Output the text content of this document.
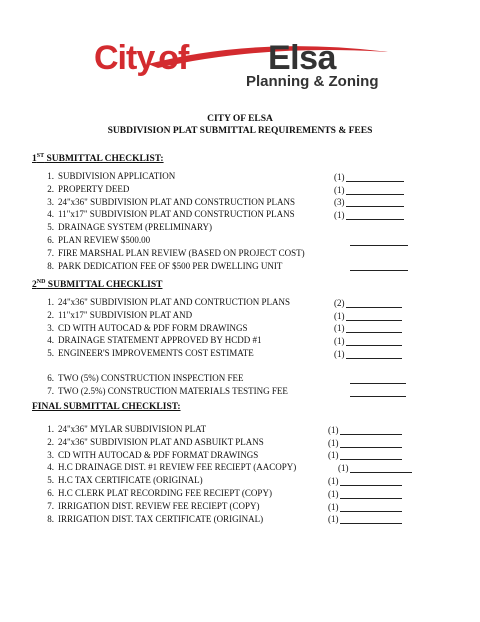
City of Elsa
Planning & Zoning
CITY OF ELSA
SUBDIVISION PLAT SUBMITTAL REQUIREMENTS & FEES
1ST SUBMITTAL CHECKLIST:
1. SUBDIVISION APPLICATION	(1)
2. PROPERTY DEED	(1)
3. 24"x36" SUBDIVISION PLAT AND CONSTRUCTION PLANS	(3)
4. 11"x17" SUBDIVISION PLAT AND CONSTRUCTION PLANS	(1)
5. DRAINAGE SYSTEM (PRELIMINARY)
6. PLAN REVIEW $500.00
7. FIRE MARSHAL PLAN REVIEW (BASED ON PROJECT COST)
8. PARK DEDICATION FEE OF $500 PER DWELLING UNIT
2ND SUBMITTAL CHECKLIST
1. 24"x36" SUBDIVISION PLAT AND CONTRUCTION PLANS	(2)
2. 11"x17" SUBDIVISION PLAT AND	(1)
3. CD WITH AUTOCAD & PDF FORM DRAWINGS	(1)
4. DRAINAGE STATEMENT APPROVED BY HCDD #1	(1)
5. ENGINEER'S IMPROVEMENTS COST ESTIMATE	(1)
6. TWO (5%) CONSTRUCTION INSPECTION FEE
7. TWO (2.5%) CONSTRUCTION MATERIALS TESTING FEE
FINAL SUBMITTAL CHECKLIST:
1. 24"x36" MYLAR SUBDIVISION PLAT	(1)
2. 24"x36" SUBDIVISION PLAT AND ASBUIKT PLANS	(1)
3. CD WITH AUTOCAD & PDF FORMAT DRAWINGS	(1)
4. H.C DRAINAGE DIST. #1 REVIEW FEE RECIEPT (AACOPY)	(1)
5. H.C TAX CERTIFICATE (ORIGINAL)	(1)
6. H.C CLERK PLAT RECORDING FEE RECIEPT (COPY)	(1)
7. IRRIGATION DIST. REVIEW FEE RECIEPT (COPY)	(1)
8. IRRIGATION DIST. TAX CERTIFICATE (ORIGINAL)	(1)
